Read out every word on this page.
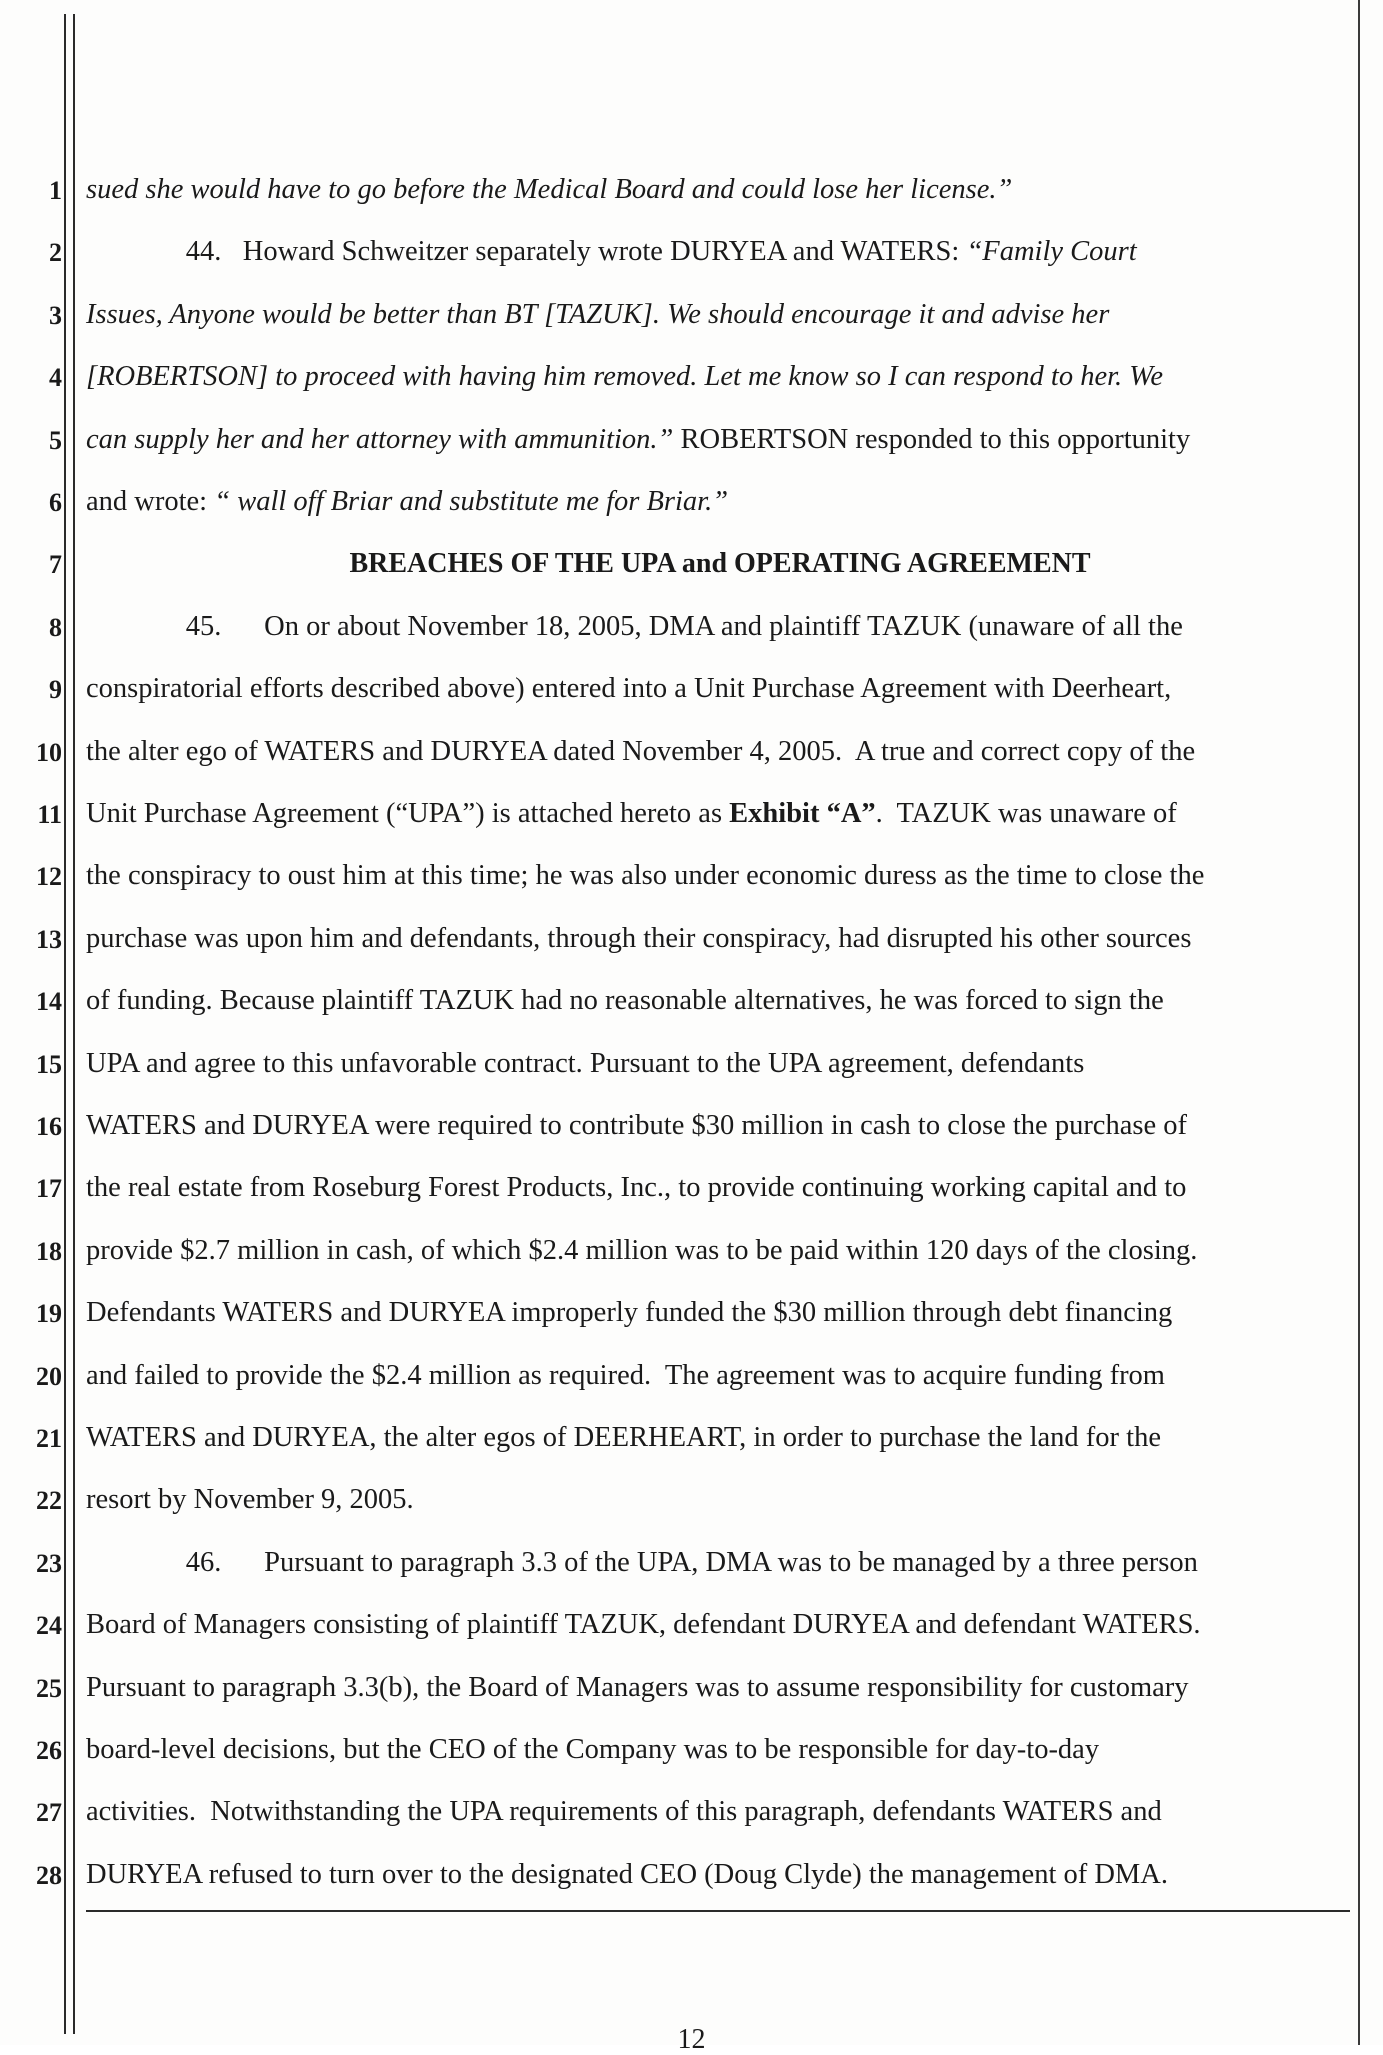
1
2
3
4
5
6
7
8
9
10
11
12
13
14
15
16
17
18
19
20
21
22
23
24
25
26
27
28
BREACHES OF THE UPA and OPERATING AGREEMENT
sued she would have to go before the Medical Board and could lose her license.”
44.   Howard Schweitzer separately wrote DURYEA and WATERS: “Family Court
Issues, Anyone would be better than BT [TAZUK]. We should encourage it and advise her
[ROBERTSON] to proceed with having him removed. Let me know so I can respond to her. We
can supply her and her attorney with ammunition.” ROBERTSON responded to this opportunity
and wrote: “ wall off Briar and substitute me for Briar.”
45.      On or about November 18, 2005, DMA and plaintiff TAZUK (unaware of all the
conspiratorial efforts described above) entered into a Unit Purchase Agreement with Deerheart,
the alter ego of WATERS and DURYEA dated November 4, 2005.  A true and correct copy of the
Unit Purchase Agreement (“UPA”) is attached hereto as Exhibit “A”.  TAZUK was unaware of
the conspiracy to oust him at this time; he was also under economic duress as the time to close the
purchase was upon him and defendants, through their conspiracy, had disrupted his other sources
of funding. Because plaintiff TAZUK had no reasonable alternatives, he was forced to sign the
UPA and agree to this unfavorable contract. Pursuant to the UPA agreement, defendants
WATERS and DURYEA were required to contribute $30 million in cash to close the purchase of
the real estate from Roseburg Forest Products, Inc., to provide continuing working capital and to
provide $2.7 million in cash, of which $2.4 million was to be paid within 120 days of the closing.
Defendants WATERS and DURYEA improperly funded the $30 million through debt financing
and failed to provide the $2.4 million as required.  The agreement was to acquire funding from
WATERS and DURYEA, the alter egos of DEERHEART, in order to purchase the land for the
resort by November 9, 2005.
46.      Pursuant to paragraph 3.3 of the UPA, DMA was to be managed by a three person
Board of Managers consisting of plaintiff TAZUK, defendant DURYEA and defendant WATERS.
Pursuant to paragraph 3.3(b), the Board of Managers was to assume responsibility for customary
board-level decisions, but the CEO of the Company was to be responsible for day-to-day
activities.  Notwithstanding the UPA requirements of this paragraph, defendants WATERS and
DURYEA refused to turn over to the designated CEO (Doug Clyde) the management of DMA.
12
